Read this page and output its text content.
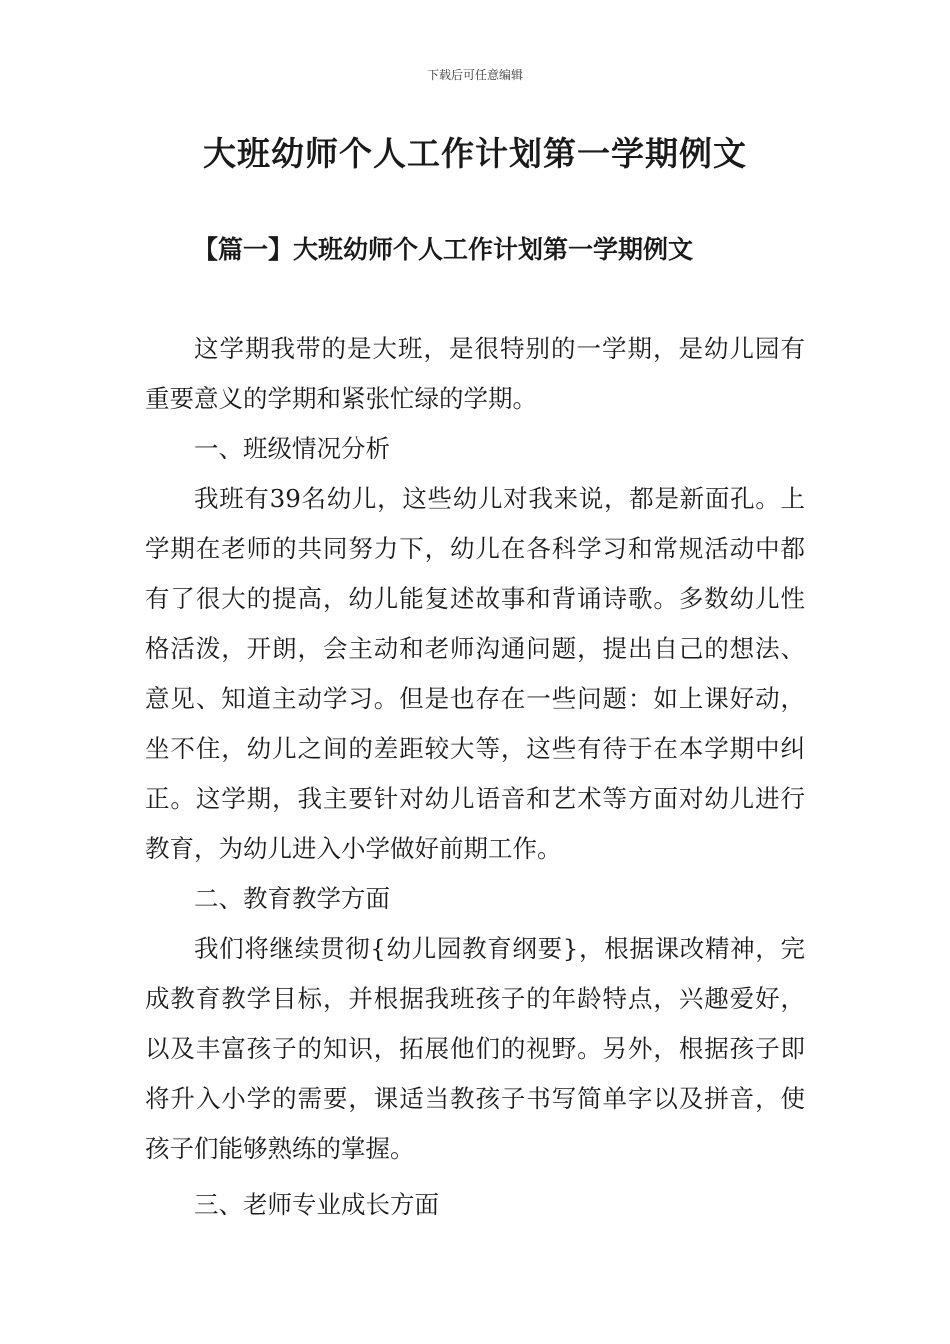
下载后可任意编辑
大班幼师个人工作计划第一学期例文
【篇一】大班幼师个人工作计划第一学期例文

这学期我带的是大班，是很特别的一学期，是幼儿园有重要意义的学期和紧张忙绿的学期。

一、班级情况分析

我班有39名幼儿，这些幼儿对我来说，都是新面孔。上学期在老师的共同努力下，幼儿在各科学习和常规活动中都有了很大的提高，幼儿能复述故事和背诵诗歌。多数幼儿性格活泼，开朗，会主动和老师沟通问题，提出自己的想法、意见、知道主动学习。但是也存在一些问题：如上课好动，坐不住，幼儿之间的差距较大等，这些有待于在本学期中纠正。这学期，我主要针对幼儿语音和艺术等方面对幼儿进行教育，为幼儿进入小学做好前期工作。

二、教育教学方面

我们将继续贯彻{幼儿园教育纲要}，根据课改精神，完成教育教学目标，并根据我班孩子的年龄特点，兴趣爱好，以及丰富孩子的知识，拓展他们的视野。另外，根据孩子即将升入小学的需要，课适当教孩子书写简单字以及拼音，使孩子们能够熟练的掌握。

三、老师专业成长方面
